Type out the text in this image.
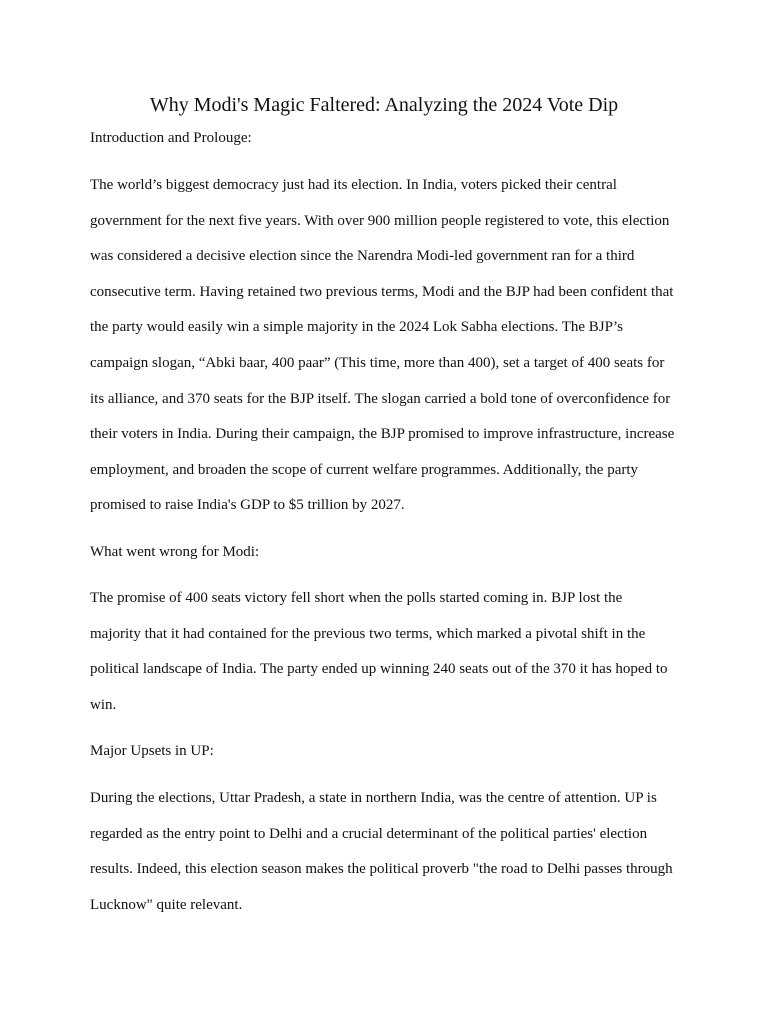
Why Modi's Magic Faltered: Analyzing the 2024 Vote Dip

Introduction and Prolouge:

The world’s biggest democracy just had its election. In India, voters picked their central
government for the next five years. With over 900 million people registered to vote, this election
was considered a decisive election since the Narendra Modi-led government ran for a third
consecutive term. Having retained two previous terms, Modi and the BJP had been confident that
the party would easily win a simple majority in the 2024 Lok Sabha elections. The BJP’s
campaign slogan, “Abki baar, 400 paar” (This time, more than 400), set a target of 400 seats for
its alliance, and 370 seats for the BJP itself. The slogan carried a bold tone of overconfidence for
their voters in India. During their campaign, the BJP promised to improve infrastructure, increase
employment, and broaden the scope of current welfare programmes. Additionally, the party
promised to raise India's GDP to $5 trillion by 2027.

What went wrong for Modi:

The promise of 400 seats victory fell short when the polls started coming in. BJP lost the
majority that it had contained for the previous two terms, which marked a pivotal shift in the
political landscape of India. The party ended up winning 240 seats out of the 370 it has hoped to
win.

Major Upsets in UP:

During the elections, Uttar Pradesh, a state in northern India, was the centre of attention. UP is
regarded as the entry point to Delhi and a crucial determinant of the political parties' election
results. Indeed, this election season makes the political proverb "the road to Delhi passes through
Lucknow" quite relevant.
